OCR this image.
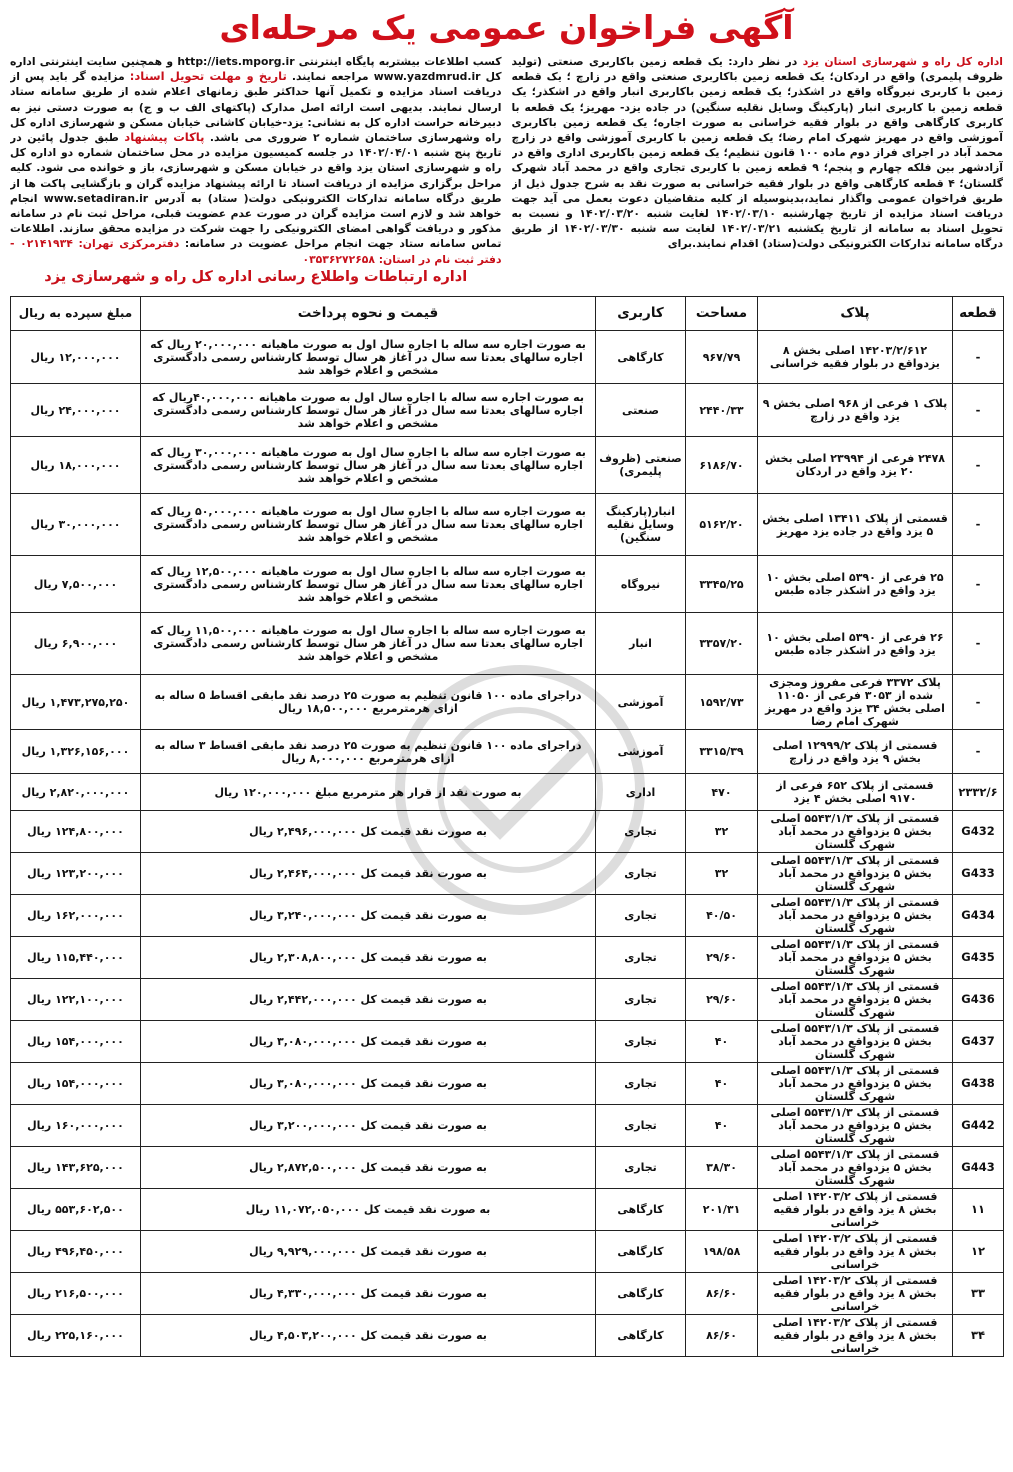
آگهی فراخوان عمومی یک مرحله‌ای
اداره کل راه و شهرسازی استان یزد در نظر دارد: یک قطعه زمین باکاربری صنعتی (تولید ظروف پلیمری) واقع در اردکان؛ یک قطعه زمین باکاربری صنعتی واقع در زارچ ؛ یک قطعه زمین با کاربری نیروگاه واقع در اشکذر؛ یک قطعه زمین باکاربری انبار واقع در اشکذر؛ یک قطعه زمین با کاربری انبار (پارکینگ وسایل نقلیه سنگین) در جاده یزد- مهریز؛ یک قطعه با کاربری کارگاهی واقع در بلوار فقیه خراسانی به صورت اجاره؛ یک قطعه زمین باکاربری آموزشی واقع در مهریز شهرک امام رضا؛ یک قطعه زمین با کاربری آموزشی واقع در زارچ محمد آباد در اجرای فراز دوم ماده ۱۰۰ قانون تنظیم؛ یک قطعه زمین باکاربری اداری واقع در آزادشهر بین فلکه چهارم و پنجم؛ ۹ قطعه زمین با کاربری تجاری واقع در محمد آباد شهرک گلستان؛ ۴ قطعه کارگاهی واقع در بلوار فقیه خراسانی به صورت نقد به شرح جدول ذیل از طریق فراخوان عمومی واگذار نماید،بدینوسیله از کلیه متقاضیان دعوت بعمل می آید جهت دریافت اسناد مزایده از تاریخ چهارشنبه ۱۴۰۲/۰۳/۱۰ لغایت شنبه ۱۴۰۲/۰۳/۲۰ و نسبت به تحویل اسناد به سامانه از تاریخ یکشنبه ۱۴۰۲/۰۳/۲۱ لغایت سه شنبه ۱۴۰۲/۰۳/۳۰ از طریق درگاه سامانه تدارکات الکترونیکی دولت(ستاد) اقدام نمایند.برای
کسب اطلاعات بیشتربه پایگاه اینترنتی http://iets.mporg.ir و همچنین سایت اینترنتی اداره کل www.yazdmrud.ir مراجعه نمایند. تاریخ و مهلت تحویل اسناد: مزایده گر باید پس از دریافت اسناد مزایده و تکمیل آنها حداکثر طبق زمانهای اعلام شده از طریق سامانه ستاد ارسال نمایند. بدیهی است ارائه اصل مدارک (پاکتهای الف ب و ج) به صورت دستی نیز به دبیرخانه حراست اداره کل به نشانی: یزد-خیابان کاشانی خیابان مسکن و شهرسازی اداره کل راه وشهرسازی ساختمان شماره ۲ ضروری می باشد. پاکات پیشنهاد طبق جدول پائین در تاریخ پنج شنبه ۱۴۰۲/۰۴/۰۱ در جلسه کمیسیون مزایده در محل ساختمان شماره دو اداره کل راه و شهرسازی استان یزد واقع در خیابان مسکن و شهرسازی، باز و خوانده می شود. کلیه مراحل برگزاری مزایده از دریافت اسناد تا ارائه پیشنهاد مزایده گران و بازگشایی پاکت ها از طریق درگاه سامانه تدارکات الکترونیکی دولت( ستاد) به آدرس www.setadiran.ir انجام خواهد شد و لازم است مزایده گران در صورت عدم عضویت قبلی، مراحل ثبت نام در سامانه مذکور و دریافت گواهی امضای الکترونیکی را جهت شرکت در مزایده محقق سازند. اطلاعات تماس سامانه ستاد جهت انجام مراحل عضویت در سامانه: دفترمرکزی تهران: ۰۲۱۴۱۹۳۴ - دفتر ثبت نام در استان: ۰۳۵۳۶۲۷۲۶۵۸
اداره ارتباطات واطلاع رسانی اداره کل راه و شهرسازی یزد
قطعه	پلاک	مساحت	کاربری	قیمت و نحوه پرداخت	مبلغ سپرده به ریال
-	۱۴۲۰۳/۲/۶۱۲ اصلی بخش ۸ یزدواقع در بلوار فقیه خراسانی	۹۶۷/۷۹	کارگاهی	به صورت اجاره سه ساله با اجاره سال اول به صورت ماهیانه ۲۰,۰۰۰,۰۰۰ ریال که اجاره سالهای بعدتا سه سال در آغاز هر سال توسط کارشناس رسمی دادگستری مشخص و اعلام خواهد شد	۱۲,۰۰۰,۰۰۰ ریال
-	پلاک ۱ فرعی از ۹۶۸ اصلی بخش ۹ یزد واقع در زارچ	۲۴۴۰/۳۳	صنعتی	به صورت اجاره سه ساله با اجاره سال اول به صورت ماهیانه ۴۰,۰۰۰,۰۰۰ریال که اجاره سالهای بعدتا سه سال در آغاز هر سال توسط کارشناس رسمی دادگستری مشخص و اعلام خواهد شد	۲۴,۰۰۰,۰۰۰ ریال
-	۲۴۷۸ فرعی از ۲۳۹۹۴ اصلی بخش ۲۰ یزد واقع در اردکان	۶۱۸۶/۷۰	صنعتی (ظروف پلیمری)	به صورت اجاره سه ساله با اجاره سال اول به صورت ماهیانه ۳۰,۰۰۰,۰۰۰ ریال که اجاره سالهای بعدتا سه سال در آغاز هر سال توسط کارشناس رسمی دادگستری مشخص و اعلام خواهد شد	۱۸,۰۰۰,۰۰۰ ریال
-	قسمتی از پلاک ۱۳۴۱۱ اصلی بخش ۵ یزد واقع در جاده یزد مهریز	۵۱۶۲/۲۰	انبار(پارکینگ وسایل نقلیه سنگین)	به صورت اجاره سه ساله با اجاره سال اول به صورت ماهیانه ۵۰,۰۰۰,۰۰۰ ریال که اجاره سالهای بعدتا سه سال در آغاز هر سال توسط کارشناس رسمی دادگستری مشخص و اعلام خواهد شد	۳۰,۰۰۰,۰۰۰ ریال
-	۲۵ فرعی از ۵۳۹۰ اصلی بخش ۱۰ یزد واقع در اشکذر جاده طبس	۳۳۴۵/۲۵	نیروگاه	به صورت اجاره سه ساله با اجاره سال اول به صورت ماهیانه ۱۲,۵۰۰,۰۰۰ ریال که اجاره سالهای بعدتا سه سال در آغاز هر سال توسط کارشناس رسمی دادگستری مشخص و اعلام خواهد شد	۷,۵۰۰,۰۰۰ ریال
-	۲۶ فرعی از ۵۳۹۰ اصلی بخش ۱۰ یزد واقع در اشکذر جاده طبس	۳۳۵۷/۲۰	انبار	به صورت اجاره سه ساله با اجاره سال اول به صورت ماهیانه ۱۱,۵۰۰,۰۰۰ ریال که اجاره سالهای بعدتا سه سال در آغاز هر سال توسط کارشناس رسمی دادگستری مشخص و اعلام خواهد شد	۶,۹۰۰,۰۰۰ ریال
-	پلاک ۳۳۷۲ فرعی مفروز ومجزی شده از ۳۰۵۳ فرعی از ۱۱۰۵۰ اصلی بخش ۳۴ یزد واقع در مهریز شهرک امام رضا	۱۵۹۲/۷۳	آموزشی	دراجرای ماده ۱۰۰ قانون تنظیم به صورت ۲۵ درصد نقد مابقی اقساط ۵ ساله به ازای هرمترمربع ۱۸,۵۰۰,۰۰۰ ریال	۱,۴۷۳,۲۷۵,۲۵۰ ریال
-	قسمتی از پلاک ۱۲۹۹۹/۲ اصلی بخش ۹ یزد واقع در زارچ	۳۳۱۵/۳۹	آموزشی	دراجرای ماده ۱۰۰ قانون تنظیم به صورت ۲۵ درصد نقد مابقی اقساط ۳ ساله به ازای هرمترمربع ۸,۰۰۰,۰۰۰ ریال	۱,۳۲۶,۱۵۶,۰۰۰ ریال
۲۳۳۲/۶	قسمتی از پلاک ۶۵۲ فرعی از ۹۱۷۰ اصلی بخش ۴ یزد	۴۷۰	اداری	به صورت نقد از قرار هر مترمربع مبلغ ۱۲۰,۰۰۰,۰۰۰ ریال	۲,۸۲۰,۰۰۰,۰۰۰ ریال
G432	قسمتی از پلاک ۵۵۴۳/۱/۳ اصلی بخش ۵ یزدواقع در محمد آباد شهرک گلستان	۳۲	تجاری	به صورت نقد قیمت کل ۲,۴۹۶,۰۰۰,۰۰۰ ریال	۱۲۴,۸۰۰,۰۰۰ ریال
G433	قسمتی از پلاک ۵۵۴۳/۱/۳ اصلی بخش ۵ یزدواقع در محمد آباد شهرک گلستان	۳۲	تجاری	به صورت نقد قیمت کل ۲,۴۶۴,۰۰۰,۰۰۰ ریال	۱۲۳,۲۰۰,۰۰۰ ریال
G434	قسمتی از پلاک ۵۵۴۳/۱/۳ اصلی بخش ۵ یزدواقع در محمد آباد شهرک گلستان	۴۰/۵۰	تجاری	به صورت نقد قیمت کل ۳,۲۴۰,۰۰۰,۰۰۰ ریال	۱۶۲,۰۰۰,۰۰۰ ریال
G435	قسمتی از پلاک ۵۵۴۳/۱/۳ اصلی بخش ۵ یزدواقع در محمد آباد شهرک گلستان	۲۹/۶۰	تجاری	به صورت نقد قیمت کل ۲,۳۰۸,۸۰۰,۰۰۰ ریال	۱۱۵,۴۴۰,۰۰۰ ریال
G436	قسمتی از پلاک ۵۵۴۳/۱/۳ اصلی بخش ۵ یزدواقع در محمد آباد شهرک گلستان	۲۹/۶۰	تجاری	به صورت نقد قیمت کل ۲,۴۴۲,۰۰۰,۰۰۰ ریال	۱۲۲,۱۰۰,۰۰۰ ریال
G437	قسمتی از پلاک ۵۵۴۳/۱/۳ اصلی بخش ۵ یزدواقع در محمد آباد شهرک گلستان	۴۰	تجاری	به صورت نقد قیمت کل ۳,۰۸۰,۰۰۰,۰۰۰ ریال	۱۵۴,۰۰۰,۰۰۰ ریال
G438	قسمتی از پلاک ۵۵۴۳/۱/۳ اصلی بخش ۵ یزدواقع در محمد آباد شهرک گلستان	۴۰	تجاری	به صورت نقد قیمت کل ۳,۰۸۰,۰۰۰,۰۰۰ ریال	۱۵۴,۰۰۰,۰۰۰ ریال
G442	قسمتی از پلاک ۵۵۴۳/۱/۳ اصلی بخش ۵ یزدواقع در محمد آباد شهرک گلستان	۴۰	تجاری	به صورت نقد قیمت کل ۳,۲۰۰,۰۰۰,۰۰۰ ریال	۱۶۰,۰۰۰,۰۰۰ ریال
G443	قسمتی از پلاک ۵۵۴۳/۱/۳ اصلی بخش ۵ یزدواقع در محمد آباد شهرک گلستان	۳۸/۳۰	تجاری	به صورت نقد قیمت کل ۲,۸۷۲,۵۰۰,۰۰۰ ریال	۱۴۳,۶۲۵,۰۰۰ ریال
۱۱	قسمتی از پلاک ۱۴۲۰۳/۲ اصلی بخش ۸ یزد واقع در بلوار فقیه خراسانی	۲۰۱/۳۱	کارگاهی	به صورت نقد قیمت کل ۱۱,۰۷۲,۰۵۰,۰۰۰ ریال	۵۵۳,۶۰۲,۵۰۰ ریال
۱۲	قسمتی از پلاک ۱۴۲۰۳/۲ اصلی بخش ۸ یزد واقع در بلوار فقیه خراسانی	۱۹۸/۵۸	کارگاهی	به صورت نقد قیمت کل ۹,۹۲۹,۰۰۰,۰۰۰ ریال	۴۹۶,۴۵۰,۰۰۰ ریال
۳۳	قسمتی از پلاک ۱۴۲۰۳/۲ اصلی بخش ۸ یزد واقع در بلوار فقیه خراسانی	۸۶/۶۰	کارگاهی	به صورت نقد قیمت کل ۴,۳۳۰,۰۰۰,۰۰۰ ریال	۲۱۶,۵۰۰,۰۰۰ ریال
۳۴	قسمتی از پلاک ۱۴۲۰۳/۲ اصلی بخش ۸ یزد واقع در بلوار فقیه خراسانی	۸۶/۶۰	کارگاهی	به صورت نقد قیمت کل ۴,۵۰۳,۲۰۰,۰۰۰ ریال	۲۲۵,۱۶۰,۰۰۰ ریال
